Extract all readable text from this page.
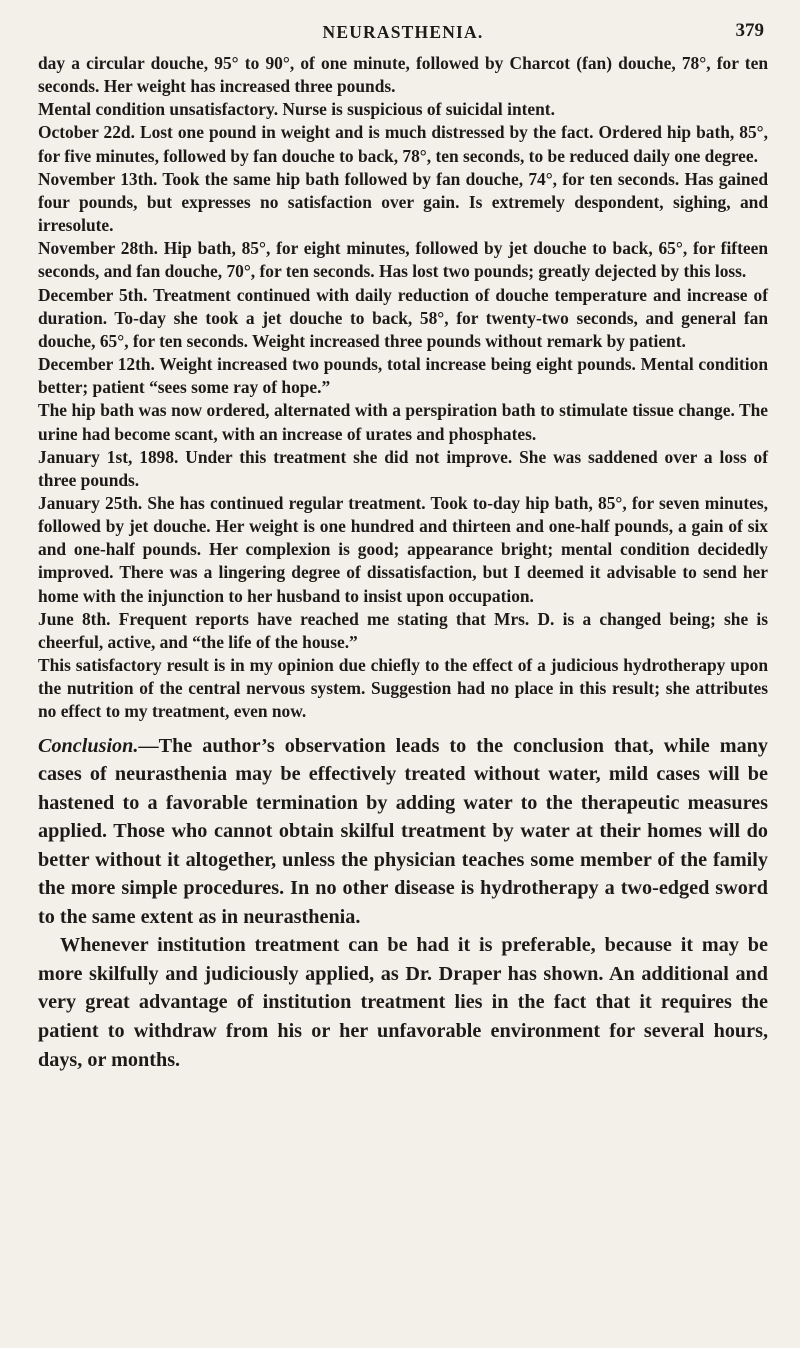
NEURASTHENIA.	379

day a circular douche, 95° to 90°, of one minute, followed by Charcot (fan) douche, 78°, for ten seconds. Her weight has increased three pounds.

Mental condition unsatisfactory. Nurse is suspicious of suicidal intent.

October 22d. Lost one pound in weight and is much distressed by the fact. Ordered hip bath, 85°, for five minutes, followed by fan douche to back, 78°, ten seconds, to be reduced daily one degree.

November 13th. Took the same hip bath followed by fan douche, 74°, for ten seconds. Has gained four pounds, but expresses no satisfaction over gain. Is extremely despondent, sighing, and irresolute.

November 28th. Hip bath, 85°, for eight minutes, followed by jet douche to back, 65°, for fifteen seconds, and fan douche, 70°, for ten seconds. Has lost two pounds; greatly dejected by this loss.

December 5th. Treatment continued with daily reduction of douche temperature and increase of duration. To-day she took a jet douche to back, 58°, for twenty-two seconds, and general fan douche, 65°, for ten seconds. Weight increased three pounds without remark by patient.

December 12th. Weight increased two pounds, total increase being eight pounds. Mental condition better; patient “sees some ray of hope.”

The hip bath was now ordered, alternated with a perspiration bath to stimulate tissue change. The urine had become scant, with an increase of urates and phosphates.

January 1st, 1898. Under this treatment she did not improve. She was saddened over a loss of three pounds.

January 25th. She has continued regular treatment. Took to-day hip bath, 85°, for seven minutes, followed by jet douche. Her weight is one hundred and thirteen and one-half pounds, a gain of six and one-half pounds. Her complexion is good; appearance bright; mental condition decidedly improved. There was a lingering degree of dissatisfaction, but I deemed it advisable to send her home with the injunction to her husband to insist upon occupation.

June 8th. Frequent reports have reached me stating that Mrs. D. is a changed being; she is cheerful, active, and “the life of the house.”

This satisfactory result is in my opinion due chiefly to the effect of a judicious hydrotherapy upon the nutrition of the central nervous system. Suggestion had no place in this result; she attributes no effect to my treatment, even now.

Conclusion.—The author’s observation leads to the conclusion that, while many cases of neurasthenia may be effectively treated without water, mild cases will be hastened to a favorable termination by adding water to the therapeutic measures applied. Those who cannot obtain skilful treatment by water at their homes will do better without it altogether, unless the physician teaches some member of the family the more simple procedures. In no other disease is hydrotherapy a two-edged sword to the same extent as in neurasthenia.

Whenever institution treatment can be had it is preferable, because it may be more skilfully and judiciously applied, as Dr. Draper has shown. An additional and very great advantage of institution treatment lies in the fact that it requires the patient to withdraw from his or her unfavorable environment for several hours, days, or months.
